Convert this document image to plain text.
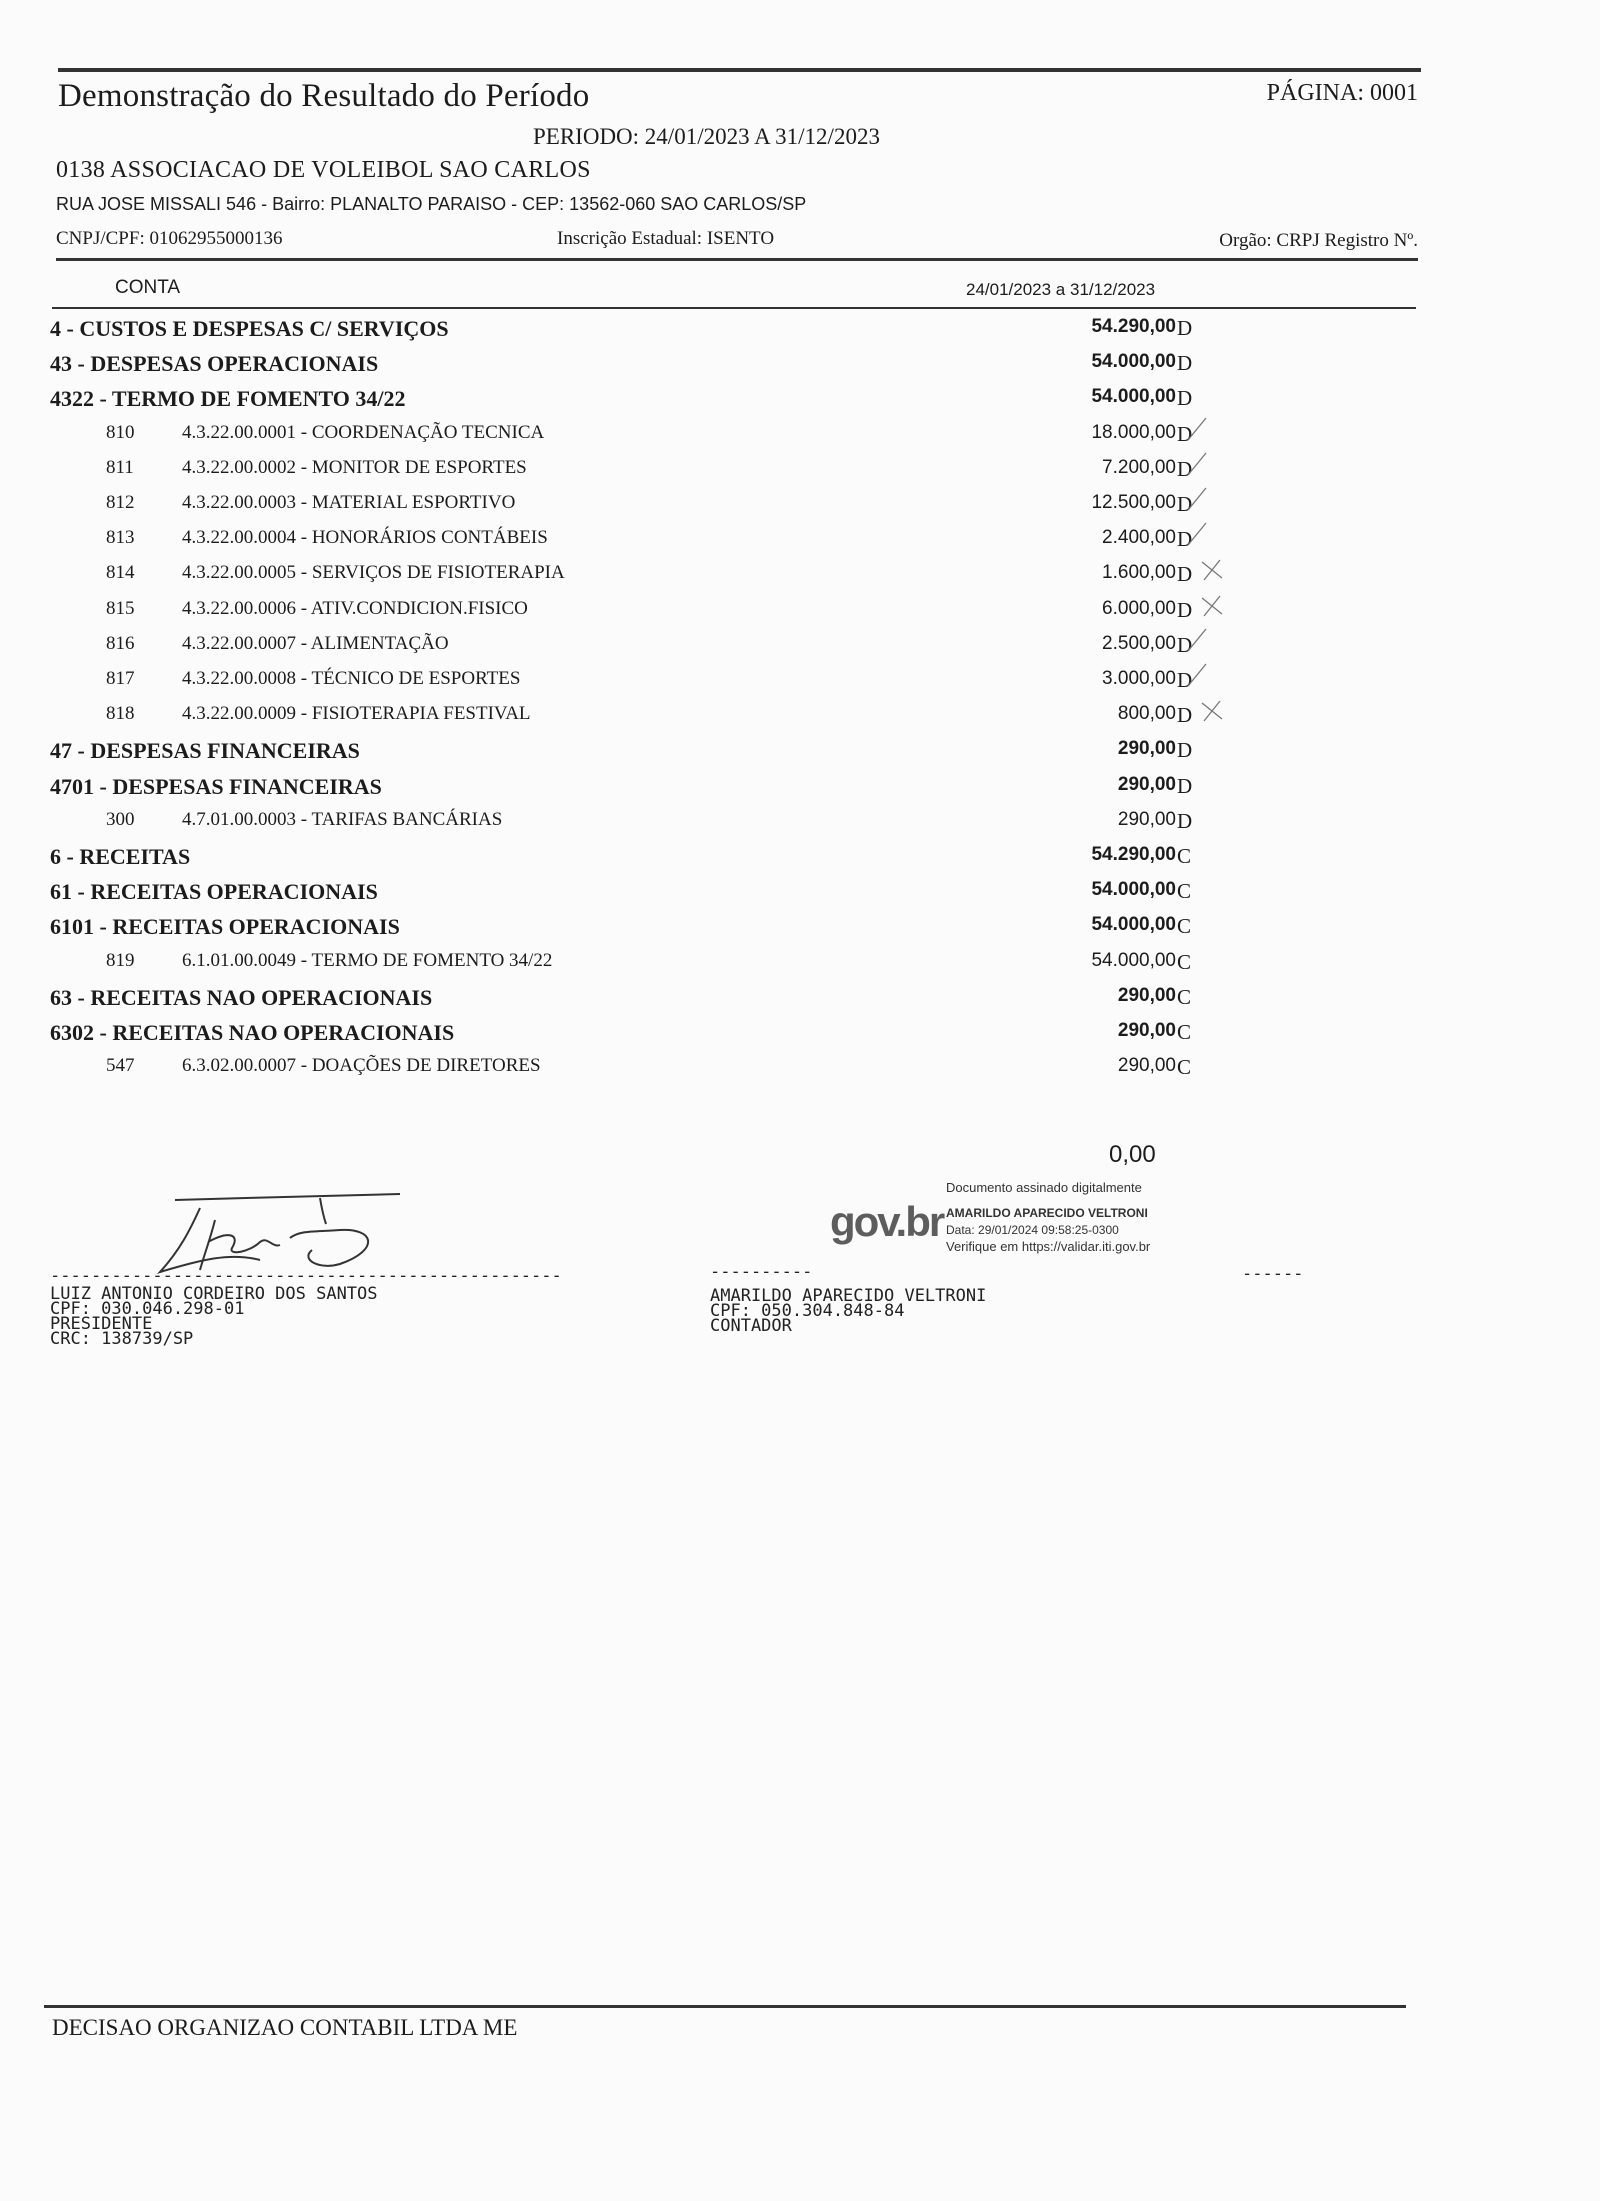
Demonstração do Resultado do Período	PÁGINA: 0001
PERIODO: 24/01/2023 A 31/12/2023
0138 ASSOCIACAO DE VOLEIBOL SAO CARLOS
RUA JOSE MISSALI 546 - Bairro: PLANALTO PARAISO - CEP: 13562-060 SAO CARLOS/SP
CNPJ/CPF: 01062955000136	Inscrição Estadual: ISENTO	Orgão: CRPJ Registro Nº.
CONTA	24/01/2023 a 31/12/2023
4 - CUSTOS E DESPESAS C/ SERVIÇOS	54.290,00 D
43 - DESPESAS OPERACIONAIS	54.000,00 D
4322 - TERMO DE FOMENTO 34/22	54.000,00 D
810	4.3.22.00.0001 - COORDENAÇÃO TECNICA	18.000,00 D
811	4.3.22.00.0002 - MONITOR DE ESPORTES	7.200,00 D
812	4.3.22.00.0003 - MATERIAL ESPORTIVO	12.500,00 D
813	4.3.22.00.0004 - HONORÁRIOS CONTÁBEIS	2.400,00 D
814	4.3.22.00.0005 - SERVIÇOS DE FISIOTERAPIA	1.600,00 D
815	4.3.22.00.0006 - ATIV.CONDICION.FISICO	6.000,00 D
816	4.3.22.00.0007 - ALIMENTAÇÃO	2.500,00 D
817	4.3.22.00.0008 - TÉCNICO DE ESPORTES	3.000,00 D
818	4.3.22.00.0009 - FISIOTERAPIA FESTIVAL	800,00 D
47 - DESPESAS FINANCEIRAS	290,00 D
4701 - DESPESAS FINANCEIRAS	290,00 D
300	4.7.01.00.0003 - TARIFAS BANCÁRIAS	290,00 D
6 - RECEITAS	54.290,00 C
61 - RECEITAS OPERACIONAIS	54.000,00 C
6101 - RECEITAS OPERACIONAIS	54.000,00 C
819	6.1.01.00.0049 - TERMO DE FOMENTO 34/22	54.000,00 C
63 - RECEITAS NAO OPERACIONAIS	290,00 C
6302 - RECEITAS NAO OPERACIONAIS	290,00 C
547	6.3.02.00.0007 - DOAÇÕES DE DIRETORES	290,00 C
0,00
gov.br
Documento assinado digitalmente
AMARILDO APARECIDO VELTRONI
Data: 29/01/2024 09:58:25-0300
Verifique em https://validar.iti.gov.br
--------------------------------------------------
LUIZ ANTONIO CORDEIRO DOS SANTOS
CPF: 030.046.298-01
PRESIDENTE
CRC: 138739/SP
----------
AMARILDO APARECIDO VELTRONI
CPF: 050.304.848-84
CONTADOR
------
DECISAO ORGANIZAO CONTABIL LTDA ME
